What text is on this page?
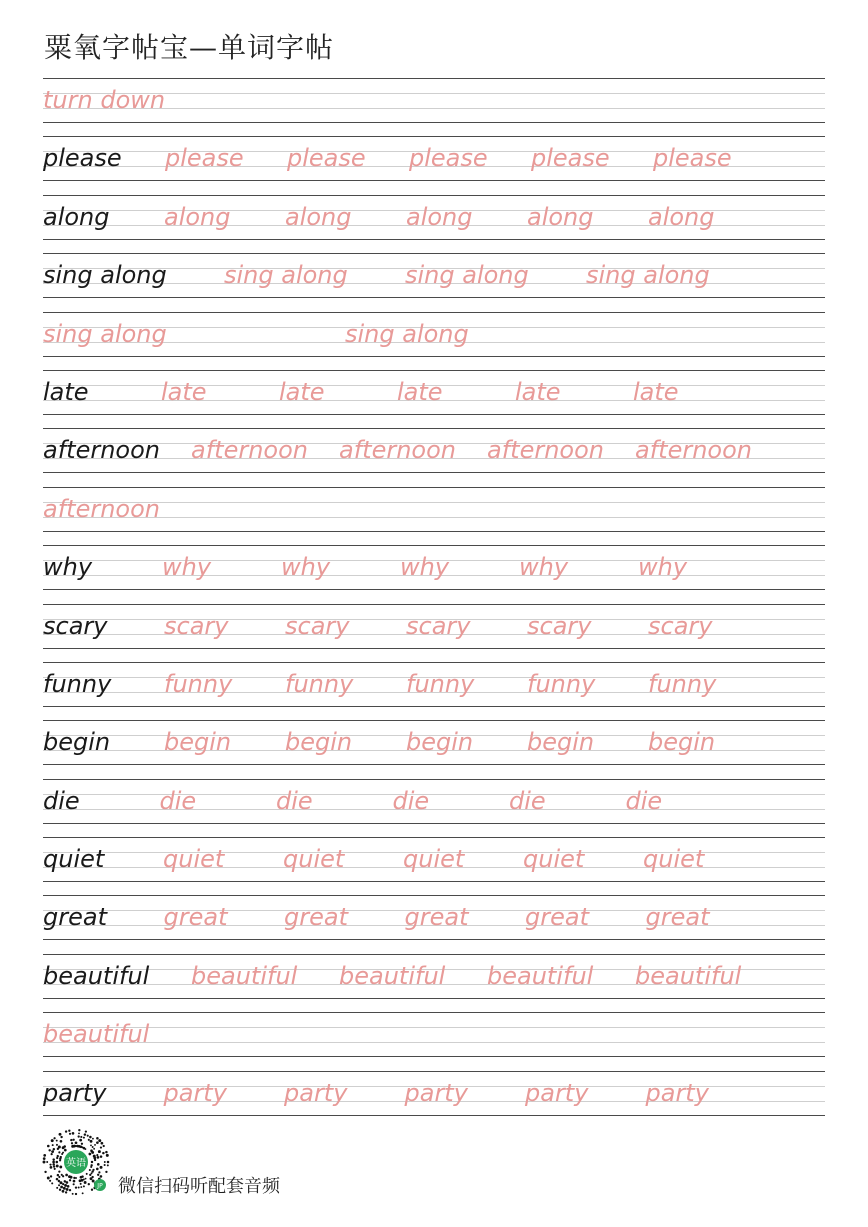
粟氧字帖宝—单词字帖
turn down
please please please please please please
along along along along along along
sing along sing along sing along sing along
sing along	sing along
late	late	late	late	late	late
afternoon afternoon afternoon afternoon afternoon
afternoon
why	why	why	why	why	why
scary scary scary scary scary scary
funny funny funny funny funny funny
begin begin begin begin begin begin
die	die	die	die	die	die
quiet quiet quiet quiet quiet quiet
great great great great great great
beautiful beautiful beautiful beautiful beautiful
beautiful
party party party party party party
英语
JP 微信扫码听配套音频
